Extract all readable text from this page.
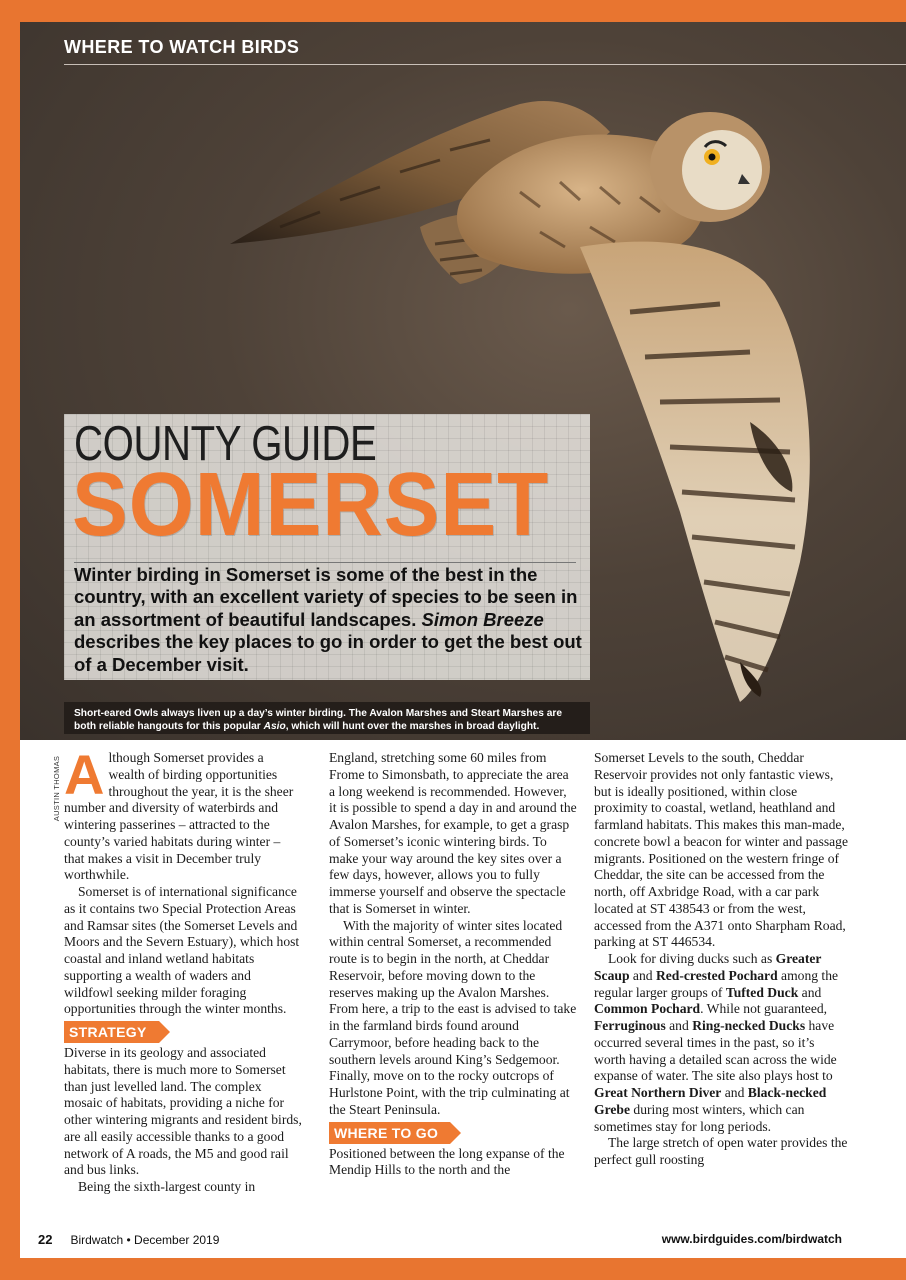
WHERE TO WATCH BIRDS
COUNTY GUIDE
SOMERSET
Winter birding in Somerset is some of the best in the country, with an excellent variety of species to be seen in an assortment of beautiful landscapes. Simon Breeze describes the key places to go in order to get the best out of a December visit.
Short-eared Owls always liven up a day’s winter birding. The Avalon Marshes and Steart Marshes are both reliable hangouts for this popular Asio, which will hunt over the marshes in broad daylight.
AUSTIN THOMAS Although Somerset provides a wealth of birding opportunities throughout the year, it is the sheer number and diversity of waterbirds and wintering passerines – attracted to the county’s varied habitats during winter – that makes a visit in December truly worthwhile.

Somerset is of international significance as it contains two Special Protection Areas and Ramsar sites (the Somerset Levels and Moors and the Severn Estuary), which host coastal and inland wetland habitats supporting a wealth of waders and wildfowl seeking milder foraging opportunities through the winter months.

STRATEGY

Diverse in its geology and associated habitats, there is much more to Somerset than just levelled land. The complex mosaic of habitats, providing a niche for other wintering migrants and resident birds, are all easily accessible thanks to a good network of A roads, the M5 and good rail and bus links.

Being the sixth-largest county in

England, stretching some 60 miles from Frome to Simonsbath, to appreciate the area a long weekend is recommended. However, it is possible to spend a day in and around the Avalon Marshes, for example, to get a grasp of Somerset’s iconic wintering birds. To make your way around the key sites over a few days, however, allows you to fully immerse yourself and observe the spectacle that is Somerset in winter.

With the majority of winter sites located within central Somerset, a recommended route is to begin in the north, at Cheddar Reservoir, before moving down to the reserves making up the Avalon Marshes. From here, a trip to the east is advised to take in the farmland birds found around Carrymoor, before heading back to the southern levels around King’s Sedgemoor. Finally, move on to the rocky outcrops of Hurlstone Point, with the trip culminating at the Steart Peninsula.

WHERE TO GO

Positioned between the long expanse of the Mendip Hills to the north and the

Somerset Levels to the south, Cheddar Reservoir provides not only fantastic views, but is ideally positioned, within close proximity to coastal, wetland, heathland and farmland habitats. This makes this man-made, concrete bowl a beacon for winter and passage migrants. Positioned on the western fringe of Cheddar, the site can be accessed from the north, off Axbridge Road, with a car park located at ST 438543 or from the west, accessed from the A371 onto Sharpham Road, parking at ST 446534.

Look for diving ducks such as Greater Scaup and Red-crested Pochard among the regular larger groups of Tufted Duck and Common Pochard. While not guaranteed, Ferruginous and Ring-necked Ducks have occurred several times in the past, so it’s worth having a detailed scan across the wide expanse of water. The site also plays host to Great Northern Diver and Black-necked Grebe during most winters, which can sometimes stay for long periods.

The large stretch of open water provides the perfect gull roosting

22 Birdwatch • December 2019	www.birdguides.com/birdwatch
